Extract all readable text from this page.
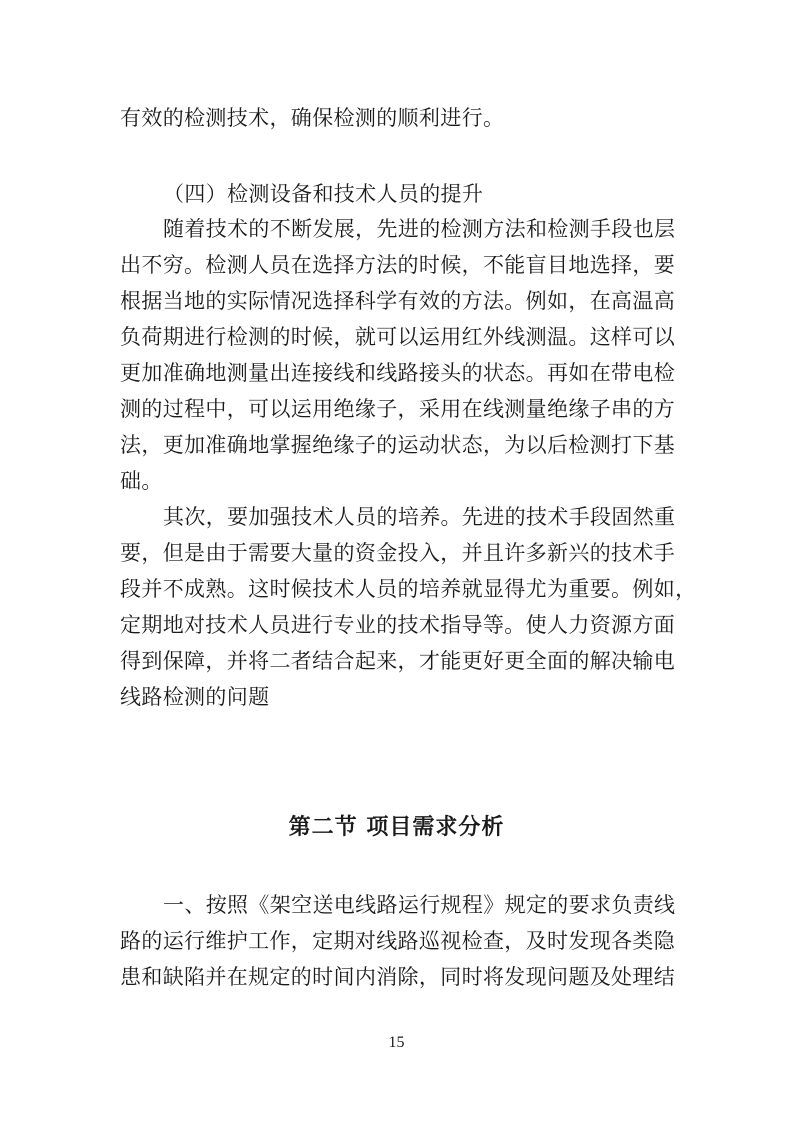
有效的检测技术，确保检测的顺利进行。
（四）检测设备和技术人员的提升
随着技术的不断发展，先进的检测方法和检测手段也层
出不穷。检测人员在选择方法的时候，不能盲目地选择，要
根据当地的实际情况选择科学有效的方法。例如，在高温高
负荷期进行检测的时候，就可以运用红外线测温。这样可以
更加准确地测量出连接线和线路接头的状态。再如在带电检
测的过程中，可以运用绝缘子，采用在线测量绝缘子串的方
法，更加准确地掌握绝缘子的运动状态，为以后检测打下基
础。
其次，要加强技术人员的培养。先进的技术手段固然重
要，但是由于需要大量的资金投入，并且许多新兴的技术手
段并不成熟。这时候技术人员的培养就显得尤为重要。例如，
定期地对技术人员进行专业的技术指导等。使人力资源方面
得到保障，并将二者结合起来，才能更好更全面的解决输电
线路检测的问题
第二节 项目需求分析
一、按照《架空送电线路运行规程》规定的要求负责线
路的运行维护工作，定期对线路巡视检查，及时发现各类隐
患和缺陷并在规定的时间内消除，同时将发现问题及处理结
15
